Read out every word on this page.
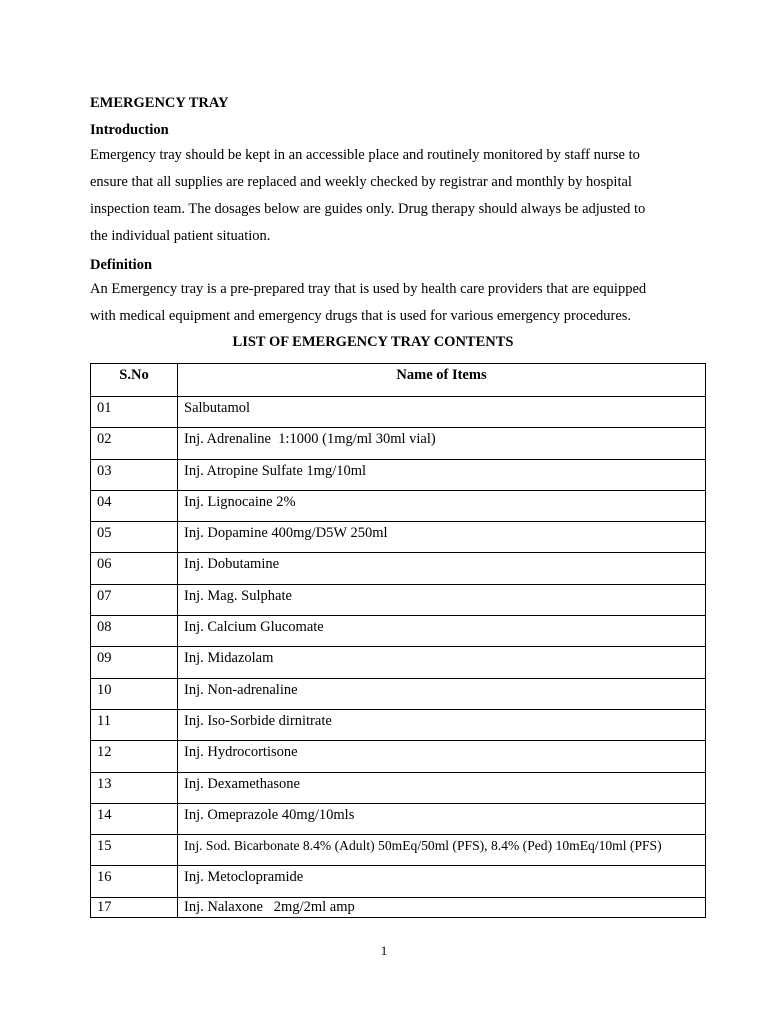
EMERGENCY TRAY
Introduction
Emergency tray should be kept in an accessible place and routinely monitored by staff nurse to
ensure that all supplies are replaced and weekly checked by registrar and monthly by hospital
inspection team. The dosages below are guides only. Drug therapy should always be adjusted to
the individual patient situation.
Definition
An Emergency tray is a pre-prepared tray that is used by health care providers that are equipped
with medical equipment and emergency drugs that is used for various emergency procedures.
LIST OF EMERGENCY TRAY CONTENTS
S.No	Name of Items
01	Salbutamol
02	Inj. Adrenaline  1:1000 (1mg/ml 30ml vial)
03	Inj. Atropine Sulfate 1mg/10ml
04	Inj. Lignocaine 2%
05	Inj. Dopamine 400mg/D5W 250ml
06	Inj. Dobutamine
07	Inj. Mag. Sulphate
08	Inj. Calcium Glucomate
09	Inj. Midazolam
10	Inj. Non-adrenaline
11	Inj. Iso-Sorbide dirnitrate
12	Inj. Hydrocortisone
13	Inj. Dexamethasone
14	Inj. Omeprazole 40mg/10mls
15	Inj. Sod. Bicarbonate 8.4% (Adult) 50mEq/50ml (PFS), 8.4% (Ped) 10mEq/10ml (PFS)
16	Inj. Metoclopramide
17	Inj. Nalaxone   2mg/2ml amp
1
